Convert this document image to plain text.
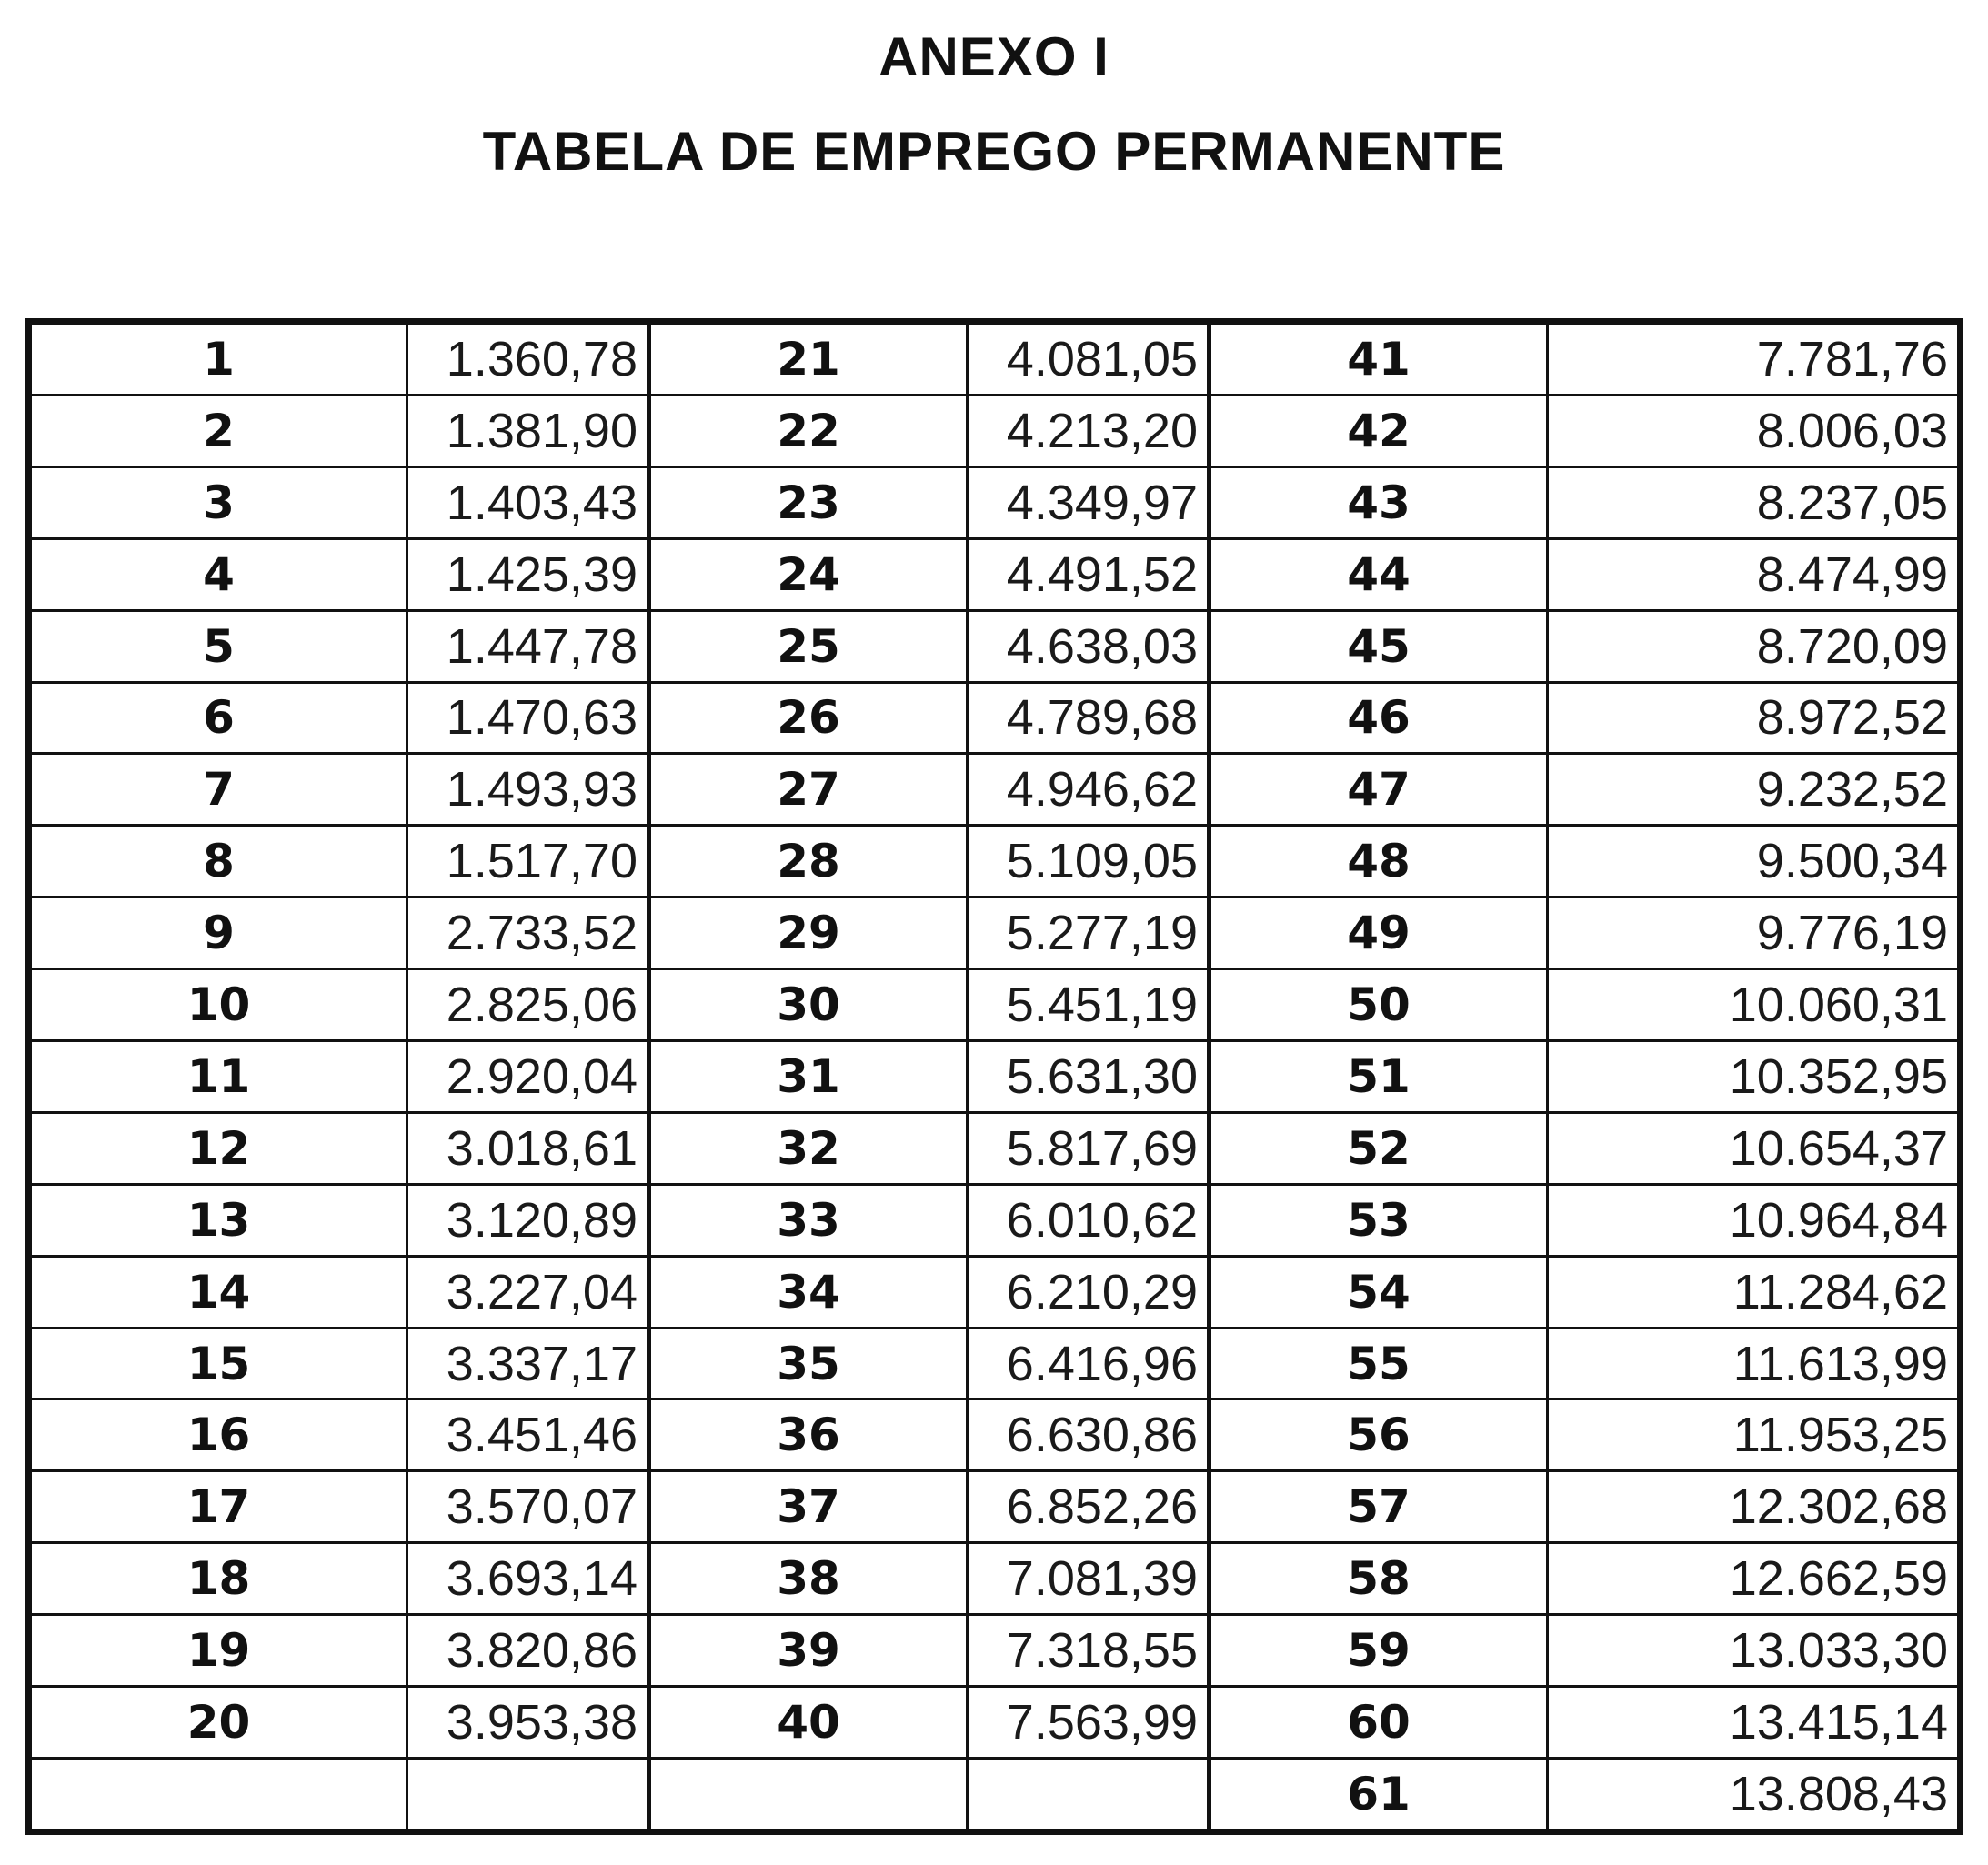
ANEXO I
TABELA DE EMPREGO PERMANENTE
1	1.360,78	21	4.081,05	41	7.781,76
2	1.381,90	22	4.213,20	42	8.006,03
3	1.403,43	23	4.349,97	43	8.237,05
4	1.425,39	24	4.491,52	44	8.474,99
5	1.447,78	25	4.638,03	45	8.720,09
6	1.470,63	26	4.789,68	46	8.972,52
7	1.493,93	27	4.946,62	47	9.232,52
8	1.517,70	28	5.109,05	48	9.500,34
9	2.733,52	29	5.277,19	49	9.776,19
10	2.825,06	30	5.451,19	50	10.060,31
11	2.920,04	31	5.631,30	51	10.352,95
12	3.018,61	32	5.817,69	52	10.654,37
13	3.120,89	33	6.010,62	53	10.964,84
14	3.227,04	34	6.210,29	54	11.284,62
15	3.337,17	35	6.416,96	55	11.613,99
16	3.451,46	36	6.630,86	56	11.953,25
17	3.570,07	37	6.852,26	57	12.302,68
18	3.693,14	38	7.081,39	58	12.662,59
19	3.820,86	39	7.318,55	59	13.033,30
20	3.953,38	40	7.563,99	60	13.415,14
				61	13.808,43
